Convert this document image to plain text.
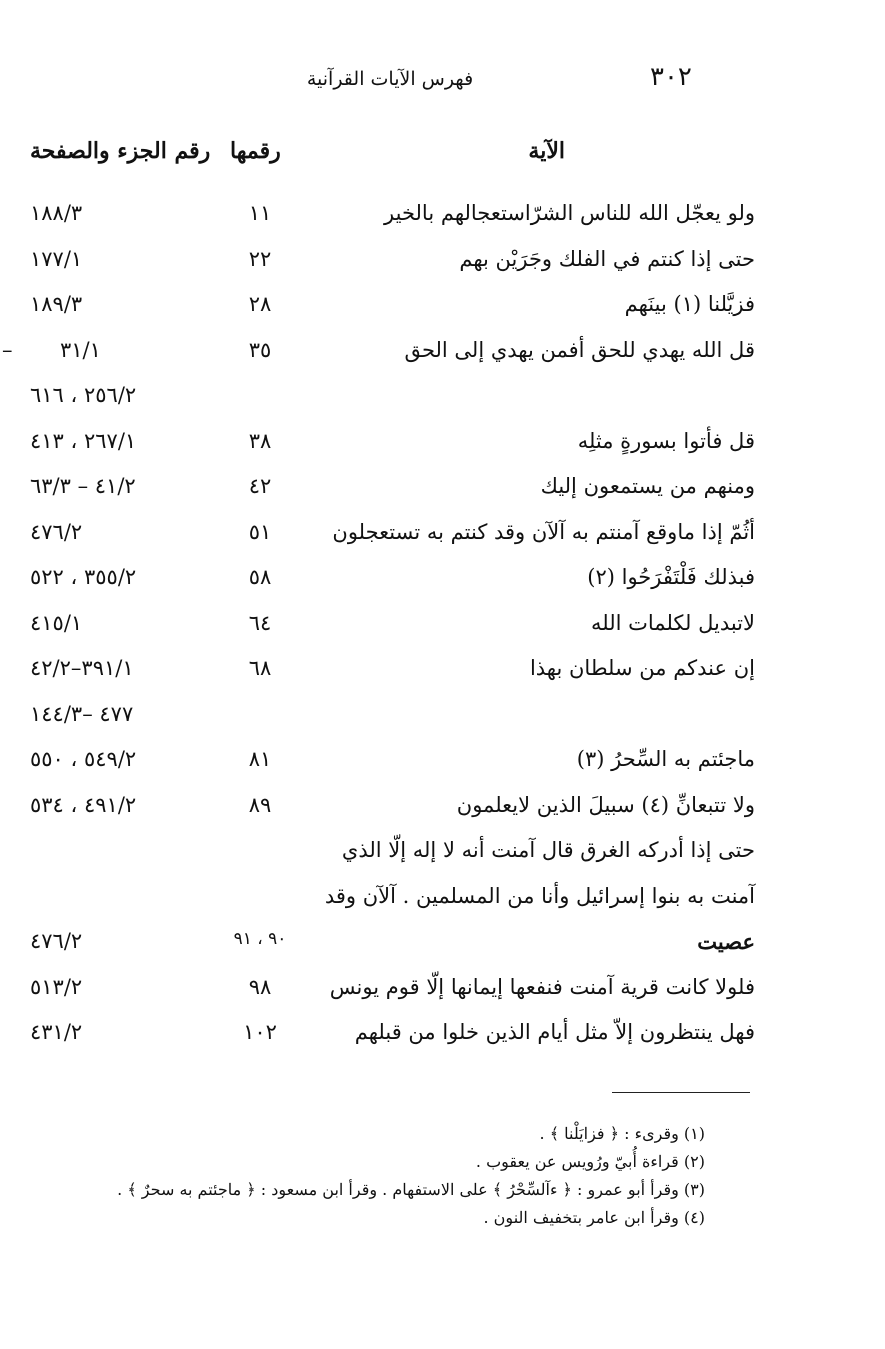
٣٠٢
فهرس الآيات القرآنية
الآية
رقمها
رقم الجزء والصفحة
ولو يعجّل الله للناس الشرّاستعجالهم بالخير
١١
١٨٨/٣
حتى إذا كنتم في الفلك وجَرَيْن بهم
٢٢
١٧٧/١
فزيَّلنا (١) بينَهم
٢٨
١٨٩/٣
قل الله يهدي للحق أفمن يهدي إلى الحق
٣٥
٣١/١
–
٢٥٦/٢ ، ٦١٦
قل فأتوا بسورةٍ مثلِه
٣٨
٢٦٧/١ ، ٤١٣
ومنهم من يستمعون إليك
٤٢
٤١/٢ – ٦٣/٣
أثُمّ إذا ماوقع آمنتم به آلآن وقد كنتم به تستعجلون
٥١
٤٧٦/٢
فبذلك فَلْتَفْرَحُوا (٢)
٥٨
٣٥٥/٢ ، ٥٢٢
لاتبديل لكلمات الله
٦٤
٤١٥/١
إن عندكم من سلطان بهذا
٦٨
٣٩١/١–٤٢/٢
٤٧٧ –١٤٤/٣
ماجئتم به السِّحرُ (٣)
٨١
٥٤٩/٢ ، ٥٥٠
ولا تتبعانِّ (٤) سبيلَ الذين لايعلمون
٨٩
٤٩١/٢ ، ٥٣٤
حتى إذا أدركه الغرق قال آمنت أنه لا إله إلّا الذي
آمنت به بنوا إسرائيل وأنا من المسلمين . آلآن وقد
عصيت
٩٠ ، ٩١
٤٧٦/٢
فلولا كانت قرية آمنت فنفعها إيمانها إلّا قوم يونس
٩٨
٥١٣/٢
فهل ينتظرون إلاّ مثل أيام الذين خلوا من قبلهم
١٠٢
٤٣١/٢
(١) وقرىء : ﴿ فزايَلْنا ﴾ .
(٢) قراءة أُبيّ ورُويس عن يعقوب .
(٣) وقرأ أبو عمرو : ﴿ ءآلسِّحْرُ ﴾ على الاستفهام . وقرأ ابن مسعود : ﴿ ماجئتم به سحرٌ ﴾ .
(٤) وقرأ ابن عامر بتخفيف النون .
